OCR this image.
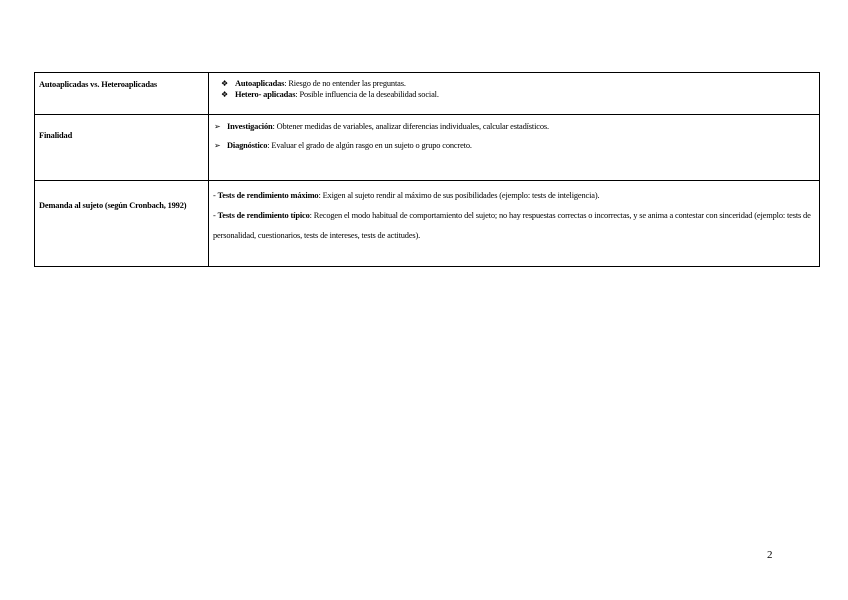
Autoaplicadas vs. Heteroaplicadas	❖ Autoaplicadas: Riesgo de no entender las preguntas.
❖ Hetero- aplicadas: Posible influencia de la deseabilidad social.

Finalidad	➢ Investigación: Obtener medidas de variables, analizar diferencias individuales, calcular estadísticos.
➢ Diagnóstico: Evaluar el grado de algún rasgo en un sujeto o grupo concreto.

Demanda al sujeto (según Cronbach, 1992)	- Tests de rendimiento máximo: Exigen al sujeto rendir al máximo de sus posibilidades (ejemplo: tests de inteligencia).
- Tests de rendimiento típico: Recogen el modo habitual de comportamiento del sujeto; no hay respuestas correctas o incorrectas, y se anima a contestar con sinceridad (ejemplo: tests de personalidad, cuestionarios, tests de intereses, tests de actitudes).
2
